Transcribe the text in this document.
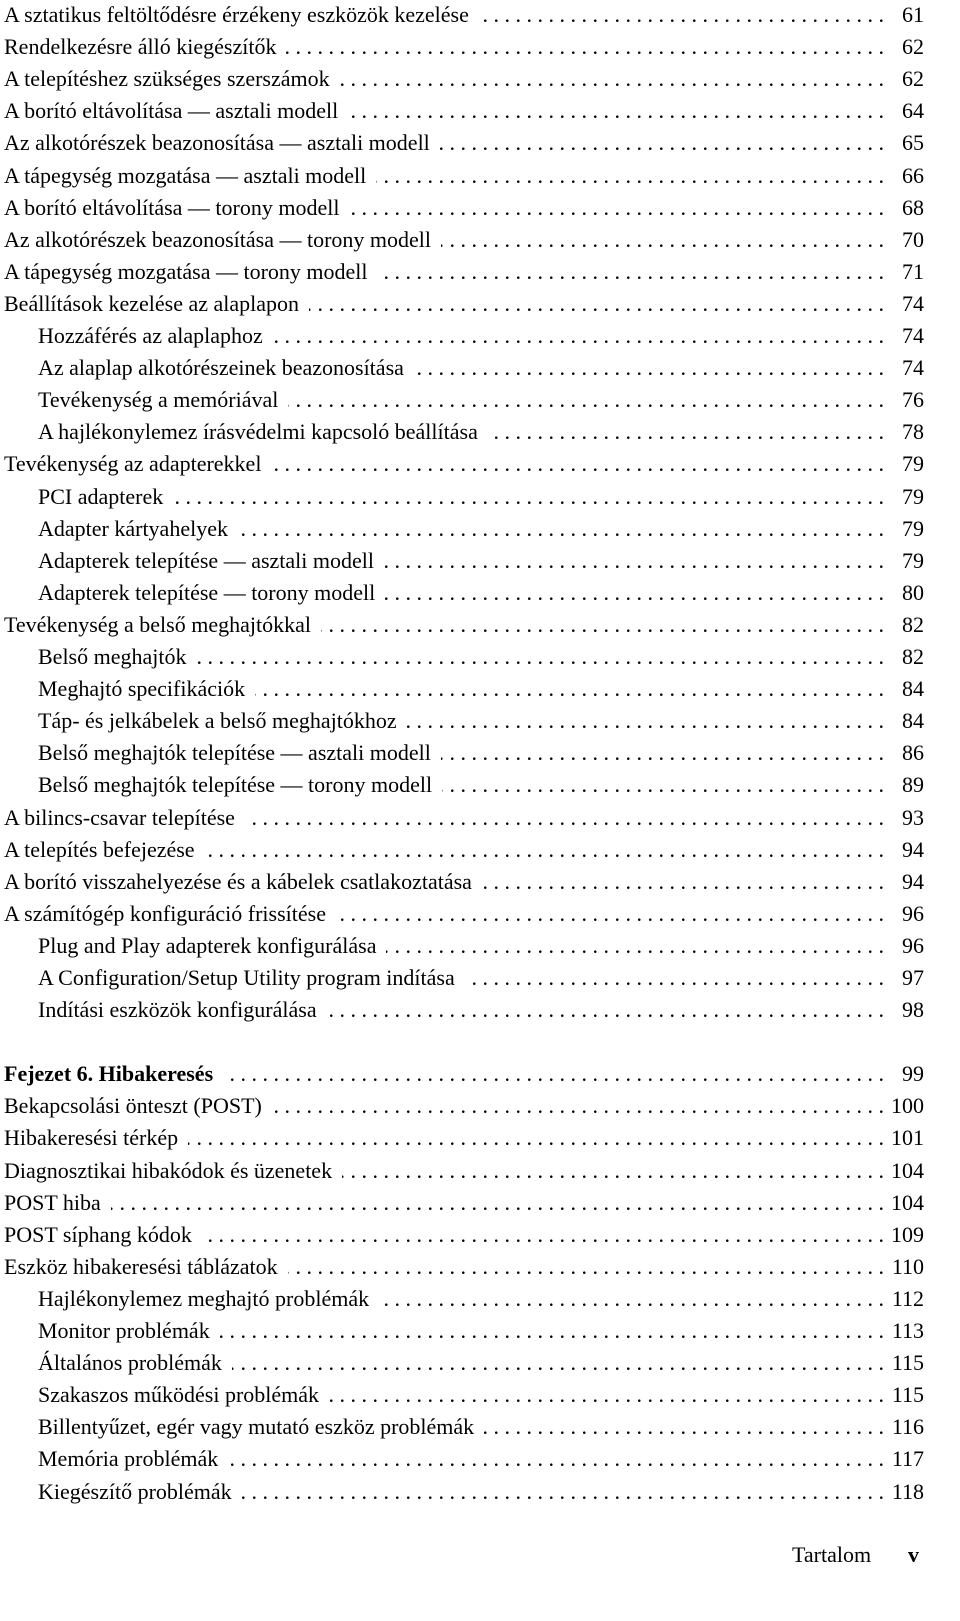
A sztatikus feltöltődésre érzékeny eszközök kezelése . . .	61
Rendelkezésre álló kiegészítők . . .	62
A telepítéshez szükséges szerszámok . . .	62
A borító eltávolítása — asztali modell . . .	64
Az alkotórészek beazonosítása — asztali modell . . .	65
A tápegység mozgatása — asztali modell . . .	66
A borító eltávolítása — torony modell . . .	68
Az alkotórészek beazonosítása — torony modell . . .	70
A tápegység mozgatása — torony modell . . .	71
Beállítások kezelése az alaplapon . . .	74
Hozzáférés az alaplaphoz . . .	74
Az alaplap alkotórészeinek beazonosítása . . .	74
Tevékenység a memóriával . . .	76
A hajlékonylemez írásvédelmi kapcsoló beállítása . . .	78
Tevékenység az adapterekkel . . .	79
PCI adapterek . . .	79
Adapter kártyahelyek . . .	79
Adapterek telepítése — asztali modell . . .	79
Adapterek telepítése — torony modell . . .	80
Tevékenység a belső meghajtókkal . . .	82
Belső meghajtók . . .	82
Meghajtó specifikációk . . .	84
Táp- és jelkábelek a belső meghajtókhoz . . .	84
Belső meghajtók telepítése — asztali modell . . .	86
Belső meghajtók telepítése — torony modell . . .	89
A bilincs-csavar telepítése . . .	93
A telepítés befejezése . . .	94
A borító visszahelyezése és a kábelek csatlakoztatása . . .	94
A számítógép konfiguráció frissítése . . .	96
Plug and Play adapterek konfigurálása . . .	96
A Configuration/Setup Utility program indítása . . .	97
Indítási eszközök konfigurálása . . .	98
Fejezet 6. Hibakeresés . . .	99
Bekapcsolási önteszt (POST) . . .	100
Hibakeresési térkép . . .	101
Diagnosztikai hibakódok és üzenetek . . .	104
POST hiba . . .	104
POST síphang kódok . . .	109
Eszköz hibakeresési táblázatok . . .	110
Hajlékonylemez meghajtó problémák . . .	112
Monitor problémák . . .	113
Általános problémák . . .	115
Szakaszos működési problémák . . .	115
Billentyűzet, egér vagy mutató eszköz problémák . . .	116
Memória problémák . . .	117
Kiegészítő problémák . . .	118
Tartalom v
